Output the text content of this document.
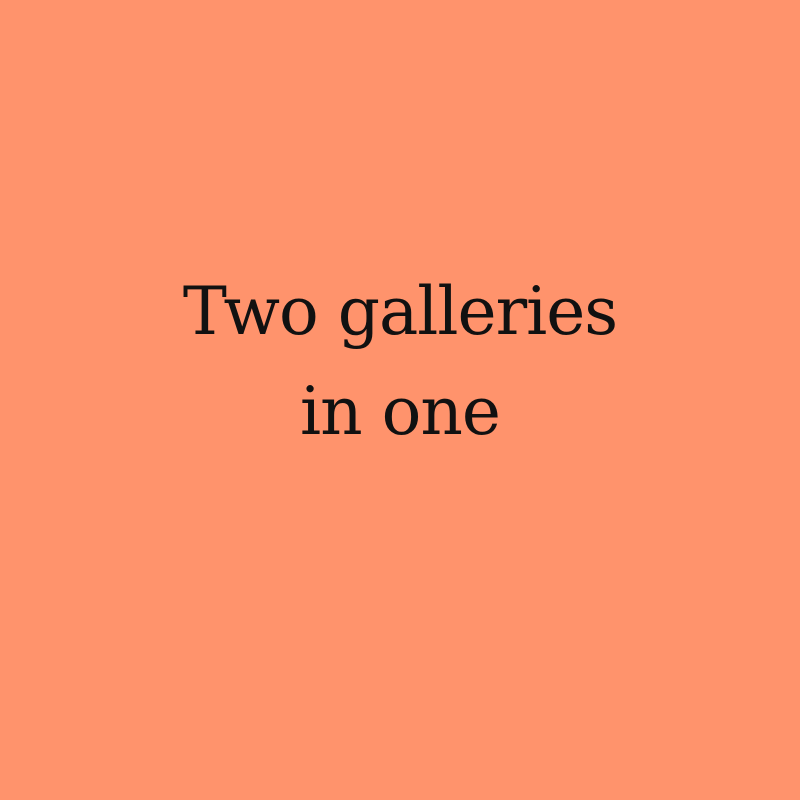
Two galleries
in one
